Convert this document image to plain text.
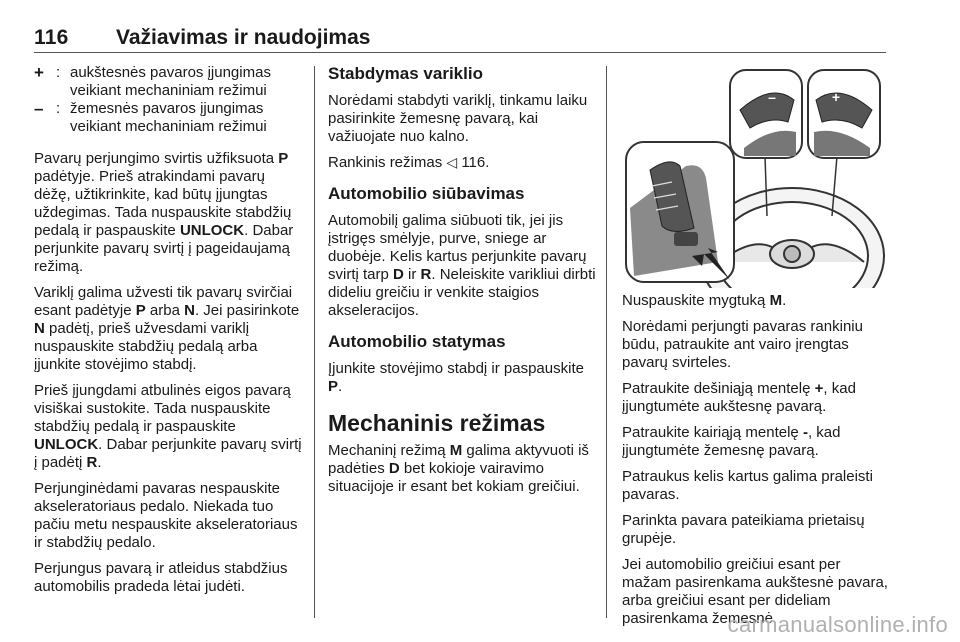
116 Važiavimas ir naudojimas
+ : aukštesnės pavaros įjungimas veikiant mechaniniam režimui
– : žemesnės pavaros įjungimas veikiant mechaniniam režimui

Pavarų perjungimo svirtis užfiksuota P padėtyje. Prieš atrakindami pavarų dėžę, užtikrinkite, kad būtų įjungtas uždegimas. Tada nuspauskite stabdžių pedalą ir paspauskite UNLOCK. Dabar perjunkite pavarų svirtį į pageidaujamą režimą.

Variklį galima užvesti tik pavarų svirčiai esant padėtyje P arba N. Jei pasirinkote N padėtį, prieš užvesdami variklį nuspauskite stabdžių pedalą arba įjunkite stovėjimo stabdį.

Prieš įjungdami atbulinės eigos pavarą visiškai sustokite. Tada nuspauskite stabdžių pedalą ir paspauskite UNLOCK. Dabar perjunkite pavarų svirtį į padėtį R.

Perjunginėdami pavaras nespauskite akseleratoriaus pedalo. Niekada tuo pačiu metu nespauskite akseleratoriaus ir stabdžių pedalo.

Perjungus pavarą ir atleidus stabdžius automobilis pradeda lėtai judėti.

Stabdymas variklio

Norėdami stabdyti variklį, tinkamu laiku pasirinkite žemesnę pavarą, kai važiuojate nuo kalno.

Rankinis režimas ◁ 116.

Automobilio siūbavimas

Automobilį galima siūbuoti tik, jei jis įstrigęs smėlyje, purve, sniege ar duobėje. Kelis kartus perjunkite pavarų svirtį tarp D ir R. Neleiskite varikliui dirbti dideliu greičiu ir venkite staigios akseleracijos.

Automobilio statymas

Įjunkite stovėjimo stabdį ir paspauskite P.

Mechaninis režimas

Mechaninį režimą M galima aktyvuoti iš padėties D bet kokioje vairavimo situacijoje ir esant bet kokiam greičiui.

–	+

Nuspauskite mygtuką M.

Norėdami perjungti pavaras rankiniu būdu, patraukite ant vairo įrengtas pavarų svirteles.

Patraukite dešiniąją mentelę +, kad įjungtumėte aukštesnę pavarą.

Patraukite kairiąją mentelę -, kad įjungtumėte žemesnę pavarą.

Patraukus kelis kartus galima praleisti pavaras.

Parinkta pavara pateikiama prietaisų grupėje.

Jei automobilio greičiui esant per mažam pasirenkama aukštesnė pavara, arba greičiui esant per dideliam pasirenkama žemesnė

carmanualsonline.info
